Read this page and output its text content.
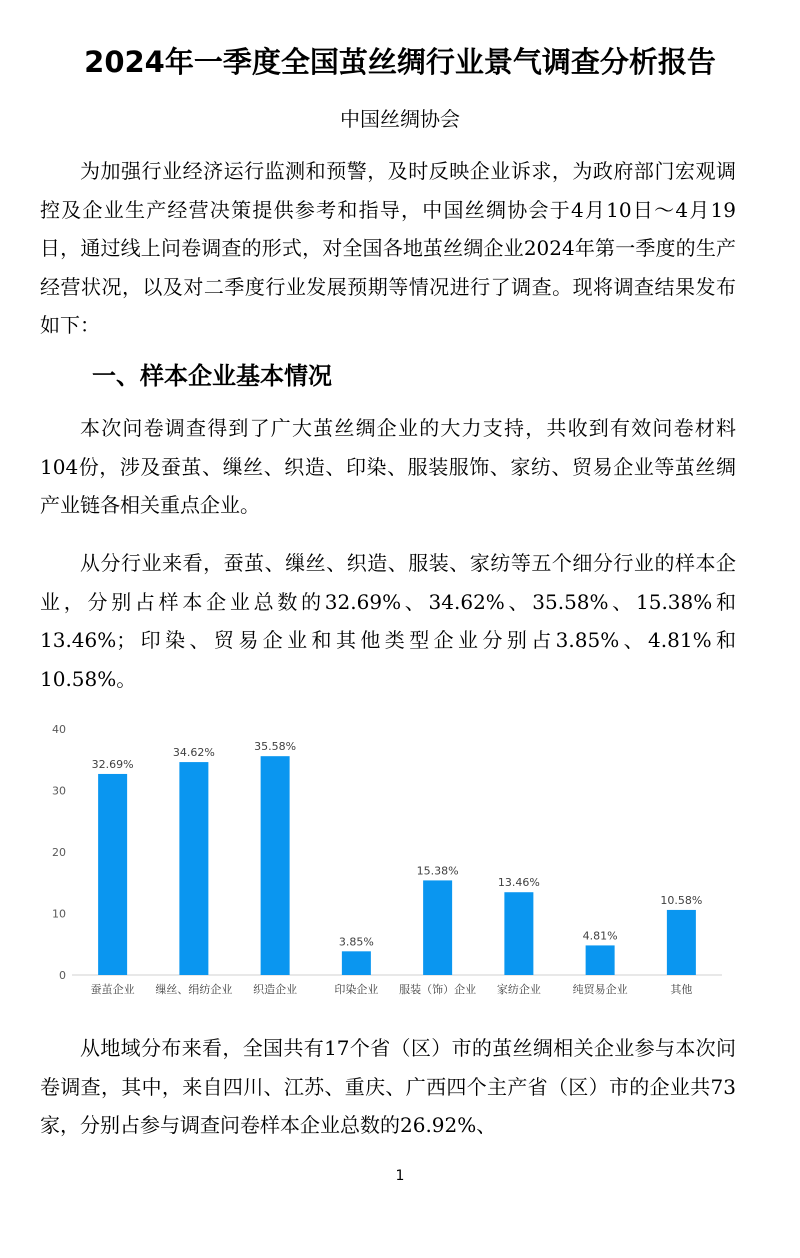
2024年一季度全国茧丝绸行业景气调查分析报告
中国丝绸协会

为加强行业经济运行监测和预警，及时反映企业诉求，为政府部门宏观调控及企业生产经营决策提供参考和指导，中国丝绸协会于4月10日～4月19日，通过线上问卷调查的形式，对全国各地茧丝绸企业2024年第一季度的生产经营状况，以及对二季度行业发展预期等情况进行了调查。现将调查结果发布如下：

一、样本企业基本情况

本次问卷调查得到了广大茧丝绸企业的大力支持，共收到有效问卷材料104份，涉及蚕茧、缫丝、织造、印染、服装服饰、家纺、贸易企业等茧丝绸产业链各相关重点企业。

从分行业来看，蚕茧、缫丝、织造、服装、家纺等五个细分行业的样本企业，分别占样本企业总数的32.69%、34.62%、35.58%、15.38%和13.46%；印染、贸易企业和其他类型企业分别占3.85%、4.81%和10.58%。

0
10
20
30
40
32.69%
蚕茧企业
34.62%
缫丝、绢纺企业
35.58%
织造企业
3.85%
印染企业
15.38%
服装（饰）企业
13.46%
家纺企业
4.81%
纯贸易企业
10.58%
其他

从地域分布来看，全国共有17个省（区）市的茧丝绸相关企业参与本次问卷调查，其中，来自四川、江苏、重庆、广西四个主产省（区）市的企业共73家，分别占参与调查问卷样本企业总数的26.92%、

1
